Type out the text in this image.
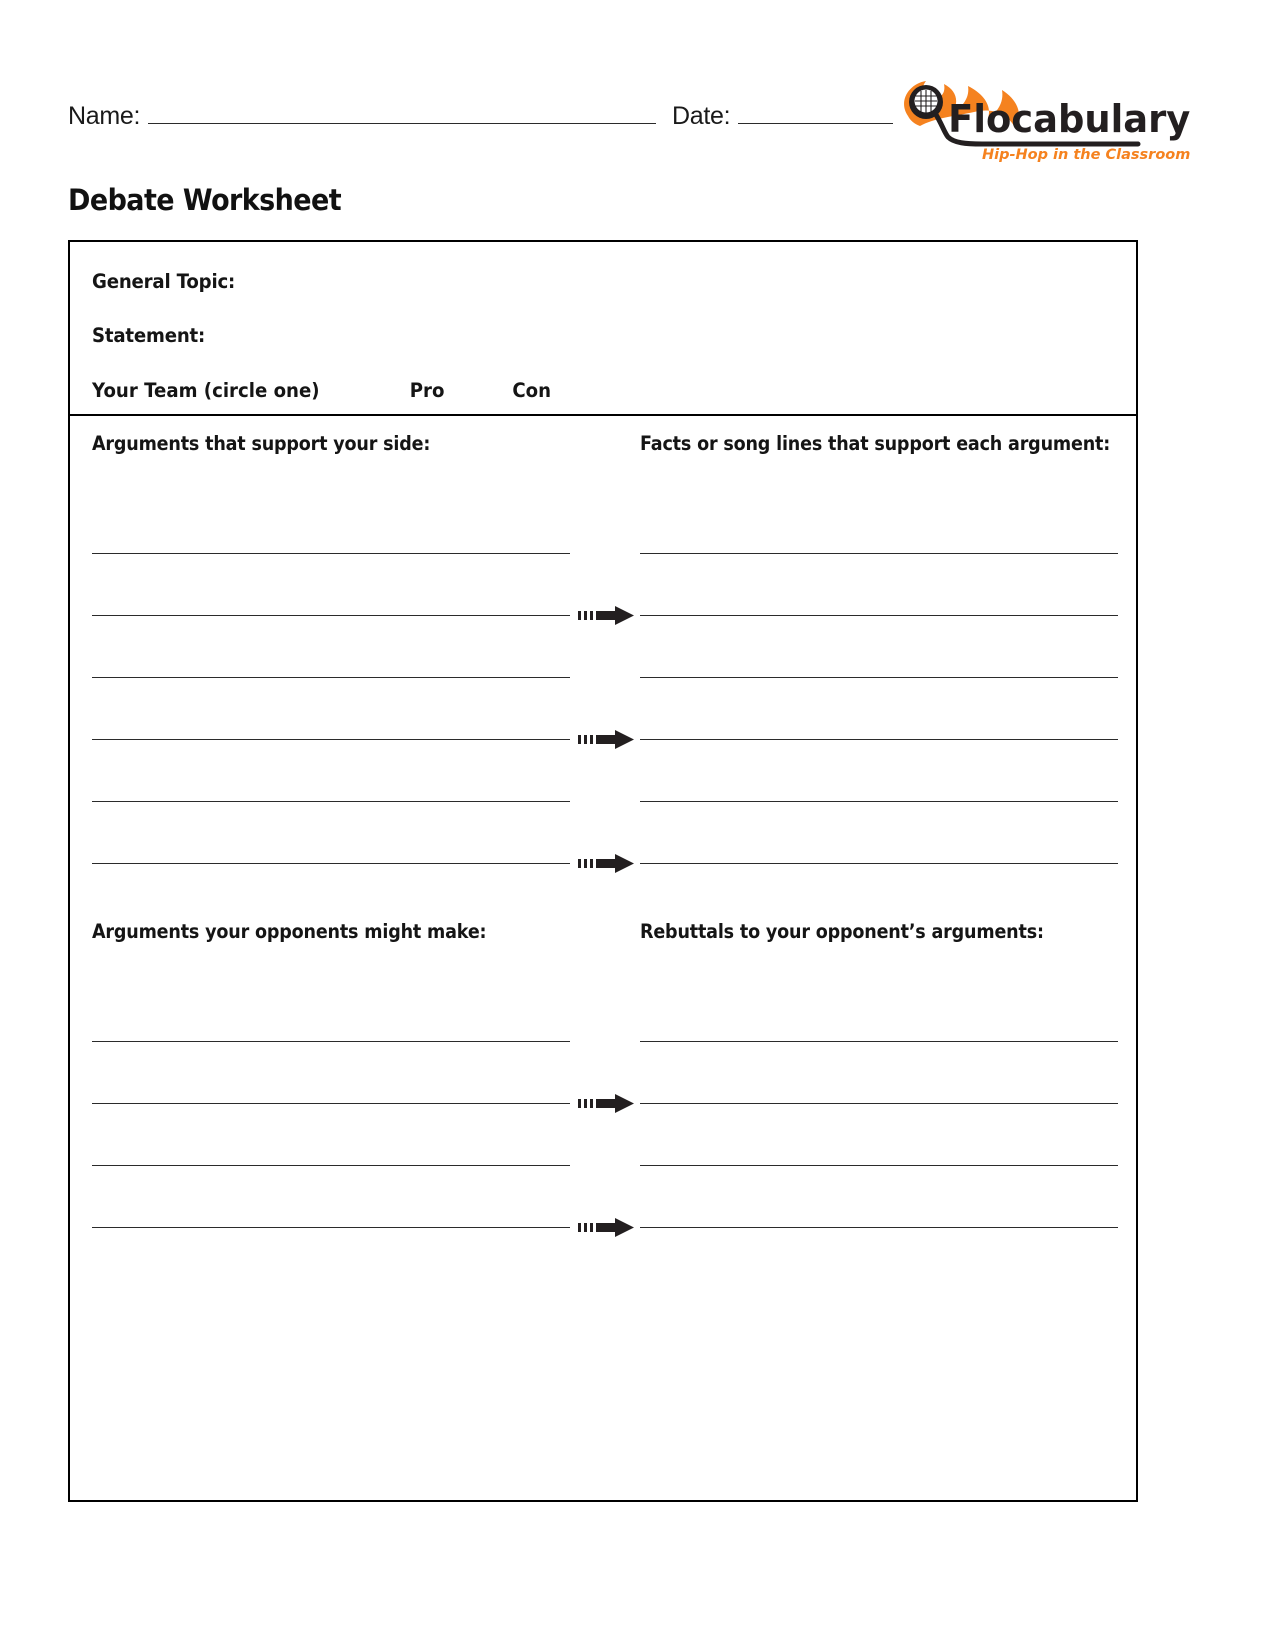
Name:	Date:	Flocabulary
Hip-Hop in the Classroom
Debate Worksheet
General Topic:
Statement:
Your Team (circle one)	Pro	Con
Arguments that support your side:	Facts or song lines that support each argument:
Arguments your opponents might make:	Rebuttals to your opponent’s arguments:
